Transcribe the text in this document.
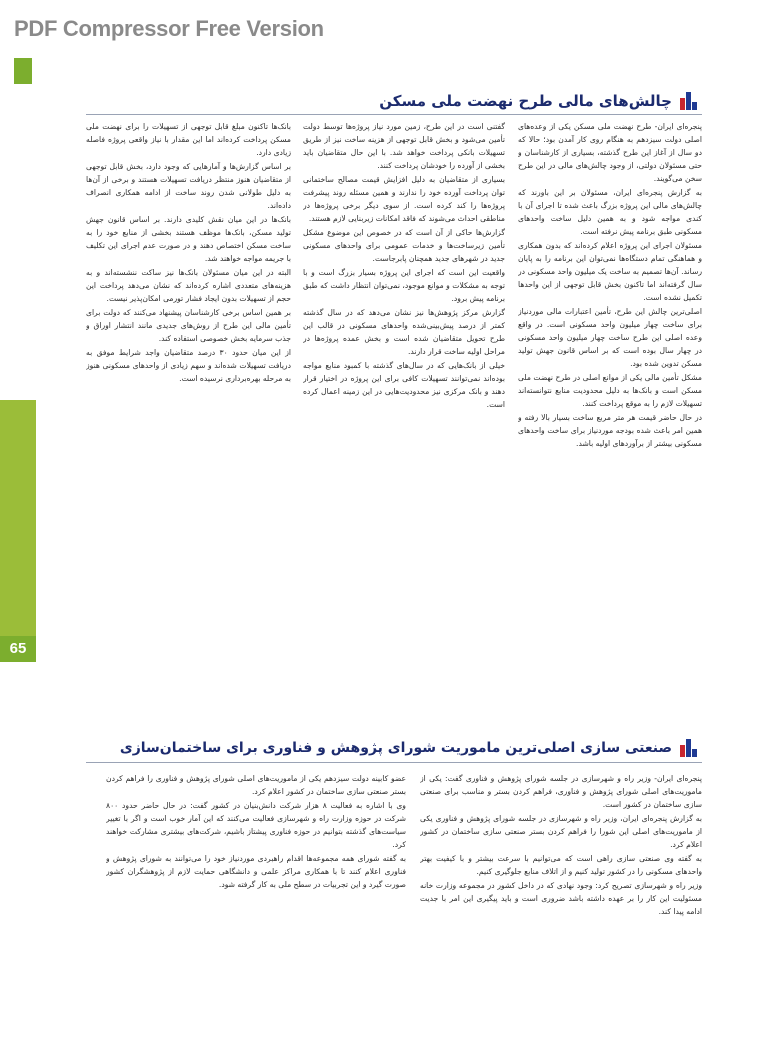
PDF Compressor Free Version
65
چالش‌های مالی طرح نهضت ملی مسکن

پنجره‌ای ایران- طرح نهضت ملی مسکن یکی از وعده‌های اصلی دولت سیزدهم به هنگام روی کار آمدن بود؛ حالا که دو سال از آغاز این طرح گذشته، بسیاری از کارشناسان و حتی مسئولان دولتی، از وجود چالش‌های مالی در این طرح سخن می‌گویند.

به گزارش پنجره‌ای ایران، مسئولان بر این باورند که چالش‌های مالی این پروژه بزرگ باعث شده تا اجرای آن با کندی مواجه شود و به همین دلیل ساخت واحدهای مسکونی طبق برنامه پیش نرفته است.

مسئولان اجرای این پروژه اعلام کرده‌اند که بدون همکاری و هماهنگی تمام دستگاه‌ها نمی‌توان این برنامه را به پایان رساند. آن‌ها تصمیم به ساخت یک میلیون واحد مسکونی در سال گرفته‌اند اما تاکنون بخش قابل توجهی از این واحدها تکمیل نشده است.

اصلی‌ترین چالش این طرح، تأمین اعتبارات مالی موردنیاز برای ساخت چهار میلیون واحد مسکونی است. در واقع وعده اصلی این طرح ساخت چهار میلیون واحد مسکونی در چهار سال بوده است که بر اساس قانون جهش تولید مسکن تدوین شده بود.

مشکل تأمین مالی یکی از موانع اصلی در طرح نهضت ملی مسکن است و بانک‌ها به دلیل محدودیت منابع نتوانسته‌اند تسهیلات لازم را به موقع پرداخت کنند.

در حال حاضر قیمت هر متر مربع ساخت بسیار بالا رفته و همین امر باعث شده بودجه موردنیاز برای ساخت واحدهای مسکونی بیشتر از برآوردهای اولیه باشد.

گفتنی است در این طرح، زمین مورد نیاز پروژه‌ها توسط دولت تأمین می‌شود و بخش قابل توجهی از هزینه ساخت نیز از طریق تسهیلات بانکی پرداخت خواهد شد. با این حال متقاضیان باید بخشی از آورده را خودشان پرداخت کنند.

بسیاری از متقاضیان به دلیل افزایش قیمت مصالح ساختمانی توان پرداخت آورده خود را ندارند و همین مسئله روند پیشرفت پروژه‌ها را کند کرده است. از سوی دیگر برخی پروژه‌ها در مناطقی احداث می‌شوند که فاقد امکانات زیربنایی لازم هستند.

گزارش‌ها حاکی از آن است که در خصوص این موضوع مشکل تأمین زیرساخت‌ها و خدمات عمومی برای واحدهای مسکونی جدید در شهرهای جدید همچنان پابرجاست.

واقعیت این است که اجرای این پروژه بسیار بزرگ است و با توجه به مشکلات و موانع موجود، نمی‌توان انتظار داشت که طبق برنامه پیش برود.

گزارش مرکز پژوهش‌ها نیز نشان می‌دهد که در سال گذشته کمتر از درصد پیش‌بینی‌شده واحدهای مسکونی در قالب این طرح تحویل متقاضیان شده است و بخش عمده پروژه‌ها در مراحل اولیه ساخت قرار دارند.

خیلی از بانک‌هایی که در سال‌های گذشته با کمبود منابع مواجه بوده‌اند نمی‌توانند تسهیلات کافی برای این پروژه در اختیار قرار دهند و بانک مرکزی نیز محدودیت‌هایی در این زمینه اعمال کرده است.

بانک‌ها تاکنون مبلغ قابل توجهی از تسهیلات را برای نهضت ملی مسکن پرداخت کرده‌اند اما این مقدار با نیاز واقعی پروژه فاصله زیادی دارد.

بر اساس گزارش‌ها و آمارهایی که وجود دارد، بخش قابل توجهی از متقاضیان هنوز منتظر دریافت تسهیلات هستند و برخی از آن‌ها به دلیل طولانی شدن روند ساخت از ادامه همکاری انصراف داده‌اند.

بانک‌ها در این میان نقش کلیدی دارند. بر اساس قانون جهش تولید مسکن، بانک‌ها موظف هستند بخشی از منابع خود را به ساخت مسکن اختصاص دهند و در صورت عدم اجرای این تکلیف با جریمه مواجه خواهند شد.

البته در این میان مسئولان بانک‌ها نیز ساکت ننشسته‌اند و به هزینه‌های متعددی اشاره کرده‌اند که نشان می‌دهد پرداخت این حجم از تسهیلات بدون ایجاد فشار تورمی امکان‌پذیر نیست.

بر همین اساس برخی کارشناسان پیشنهاد می‌کنند که دولت برای تأمین مالی این طرح از روش‌های جدیدی مانند انتشار اوراق و جذب سرمایه بخش خصوصی استفاده کند.

از این میان حدود ۳۰ درصد متقاضیان واجد شرایط موفق به دریافت تسهیلات شده‌اند و سهم زیادی از واحدهای مسکونی هنوز به مرحله بهره‌برداری نرسیده است.

صنعتی سازی اصلی‌ترین ماموریت شورای پژوهش و فناوری برای ساختمان‌سازی

پنجره‌ای ایران- وزیر راه و شهرسازی در جلسه شورای پژوهش و فناوری گفت: یکی از ماموریت‌های اصلی شورای پژوهش و فناوری، فراهم کردن بستر و مناسب برای صنعتی سازی ساختمان در کشور است.

به گزارش پنجره‌ای ایران، وزیر راه و شهرسازی در جلسه شورای پژوهش و فناوری یکی از ماموریت‌های اصلی این شورا را فراهم کردن بستر صنعتی سازی ساختمان در کشور اعلام کرد.

به گفته وی صنعتی سازی راهی است که می‌توانیم با سرعت بیشتر و با کیفیت بهتر واحدهای مسکونی را در کشور تولید کنیم و از اتلاف منابع جلوگیری کنیم.

وزیر راه و شهرسازی تصریح کرد: وجود نهادی که در داخل کشور در مجموعه وزارت خانه مسئولیت این کار را بر عهده داشته باشد ضروری است و باید پیگیری این امر با جدیت ادامه پیدا کند.

عضو کابینه دولت سیزدهم یکی از ماموریت‌های اصلی شورای پژوهش و فناوری را فراهم کردن بستر صنعتی سازی ساختمان در کشور اعلام کرد.

وی با اشاره به فعالیت ۸ هزار شرکت دانش‌بنیان در کشور گفت: در حال حاضر حدود ۸۰۰ شرکت در حوزه وزارت راه و شهرسازی فعالیت می‌کنند که این آمار خوب است و اگر با تغییر سیاست‌های گذشته بتوانیم در حوزه فناوری پیشتاز باشیم، شرکت‌های بیشتری مشارکت خواهند کرد.

به گفته شورای همه مجموعه‌ها اقدام راهبردی موردنیاز خود را می‌توانند به شورای پژوهش و فناوری اعلام کنند تا با همکاری مراکز علمی و دانشگاهی حمایت لازم از پژوهشگران کشور صورت گیرد و این تجربیات در سطح ملی به کار گرفته شود.
